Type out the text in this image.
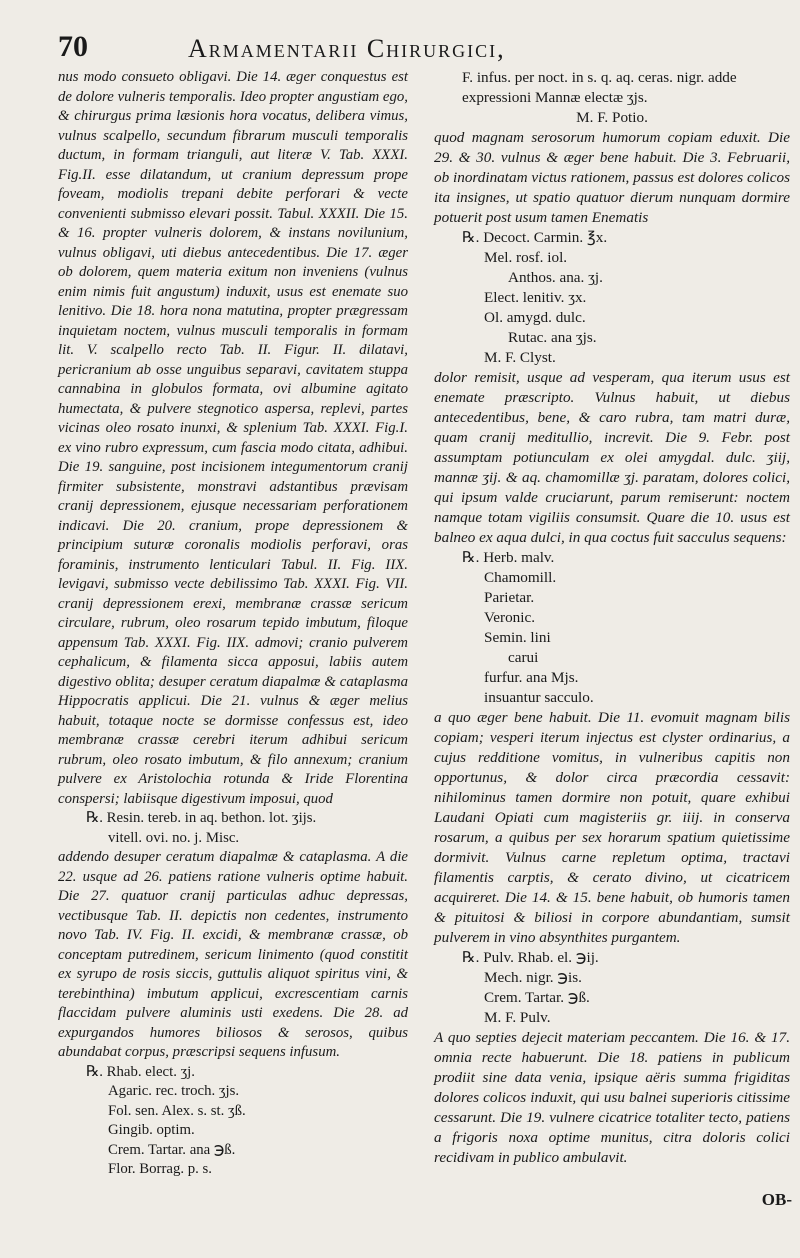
70	Armamentarii Chirurgici,

nus modo consueto obligavi. Die 14. æger conquestus est de dolore vulneris temporalis. Ideo propter angustiam ego, & chirurgus prima læsionis hora vocatus, delibera vimus, vulnus scalpello, secundum fibrarum musculi temporalis ductum, in formam trianguli, aut literæ V. Tab. XXXI. Fig.II. esse dilatandum, ut cranium depressum prope foveam, modiolis trepani debite perforari & vecte convenienti submisso elevari possit. Tabul. XXXII. Die 15. & 16. propter vulneris dolorem, & instans novilunium, vulnus obligavi, uti diebus antecedentibus. Die 17. æger ob dolorem, quem materia exitum non inveniens (vulnus enim nimis fuit angustum) induxit, usus est enemate suo lenitivo. Die 18. hora nona matutina, propter prægressam inquietam noctem, vulnus musculi temporalis in formam lit. V. scalpello recto Tab. II. Figur. II. dilatavi, pericranium ab osse unguibus separavi, cavitatem stuppa cannabina in globulos formata, ovi albumine agitato humectata, & pulvere stegnotico aspersa, replevi, partes vicinas oleo rosato inunxi, & splenium Tab. XXXI. Fig.I. ex vino rubro expressum, cum fascia modo citata, adhibui. Die 19. sanguine, post incisionem integumentorum cranij firmiter subsistente, monstravi adstantibus prævisam cranij depressionem, ejusque necessariam perforationem indicavi. Die 20. cranium, prope depressionem & principium suturæ coronalis modiolis perforavi, oras foraminis, instrumento lenticulari Tabul. II. Fig. IIX. levigavi, submisso vecte debilissimo Tab. XXXI. Fig. VII. cranij depressionem erexi, membranæ crassæ sericum circulare, rubrum, oleo rosarum tepido imbutum, filoque appensum Tab. XXXI. Fig. IIX. admovi; cranio pulverem cephalicum, & filamenta sicca apposui, labiis autem digestivo oblita; desuper ceratum diapalmæ & cataplasma Hippocratis applicui. Die 21. vulnus & æger melius habuit, totaque nocte se dormisse confessus est, ideo membranæ crassæ cerebri iterum adhibui sericum rubrum, oleo rosato imbutum, & filo annexum; cranium pulvere ex Aristolochia rotunda & Iride Florentina conspersi; labiisque digestivum imposui, quod

℞. Resin. tereb. in aq. bethon. lot. ʒijs.
vitell. ovi. no. j. Misc.

addendo desuper ceratum diapalmæ & cataplasma. A die 22. usque ad 26. patiens ratione vulneris optime habuit. Die 27. quatuor cranij particulas adhuc depressas, vectibusque Tab. II. depictis non cedentes, instrumento novo Tab. IV. Fig. II. excidi, & membranæ crassæ, ob conceptam putredinem, sericum linimento (quod constitit ex syrupo de rosis siccis, guttulis aliquot spiritus vini, & terebinthina) imbutum applicui, excrescentiam carnis flaccidam pulvere aluminis usti exedens. Die 28. ad expurgandos humores biliosos & serosos, quibus abundabat corpus, præscripsi sequens infusum.

℞. Rhab. elect. ʒj.
Agaric. rec. troch. ʒjs.
Fol. sen. Alex. s. st. ʒß.
Gingib. optim.
Crem. Tartar. ana ℈ß.
Flor. Borrag. p. s.
F. infus. per noct. in s. q. aq. ceras. nigr. adde
expressioni Mannæ electæ ʒjs.
M. F. Potio.

quod magnam serosorum humorum copiam eduxit. Die 29. & 30. vulnus & æger bene habuit. Die 3. Februarii, ob inordinatam victus rationem, passus est dolores colicos ita insignes, ut spatio quatuor dierum nunquam dormire potuerit post usum tamen Enematis

℞. Decoct. Carmin. ℥x.
Mel. rosf. iol.
Anthos. ana. ʒj.
Elect. lenitiv. ʒx.
Ol. amygd. dulc.
Rutac. ana ʒjs.
M. F. Clyst.

dolor remisit, usque ad vesperam, qua iterum usus est enemate præscripto. Vulnus habuit, ut diebus antecedentibus, bene, & caro rubra, tam matri duræ, quam cranij meditullio, increvit. Die 9. Febr. post assumptam potiunculam ex olei amygdal. dulc. ʒiij, mannæ ʒij. & aq. chamomillæ ʒj. paratam, dolores colici, qui ipsum valde cruciarunt, parum remiserunt: noctem namque totam vigiliis consumsit. Quare die 10. usus est balneo ex aqua dulci, in qua coctus fuit sacculus sequens:

℞. Herb. malv.
Chamomill.
Parietar.
Veronic.
Semin. lini
carui
furfur. ana Mjs.
insuantur sacculo.

a quo æger bene habuit. Die 11. evomuit magnam bilis copiam; vesperi iterum injectus est clyster ordinarius, a cujus redditione vomitus, in vulneribus capitis non opportunus, & dolor circa præcordia cessavit: nihilominus tamen dormire non potuit, quare exhibui Laudani Opiati cum magisteriis gr. iiij. in conserva rosarum, a quibus per sex horarum spatium quietissime dormivit. Vulnus carne repletum optima, tractavi filamentis carptis, & cerato divino, ut cicatricem acquireret. Die 14. & 15. bene habuit, ob humoris tamen & pituitosi & biliosi in corpore abundantiam, sumsit pulverem in vino absynthites purgantem.

℞. Pulv. Rhab. el. ℈ij.
Mech. nigr. ℈is.
Crem. Tartar. ℈ß.
M. F. Pulv.

A quo septies dejecit materiam peccantem. Die 16. & 17. omnia recte habuerunt. Die 18. patiens in publicum prodiit sine data venia, ipsique aëris summa frigiditas dolores colicos induxit, qui usu balnei superioris citissime cessarunt. Die 19. vulnere cicatrice totaliter tecto, patiens a frigoris noxa optime munitus, citra doloris colici recidivam in publico ambulavit.

OB-
